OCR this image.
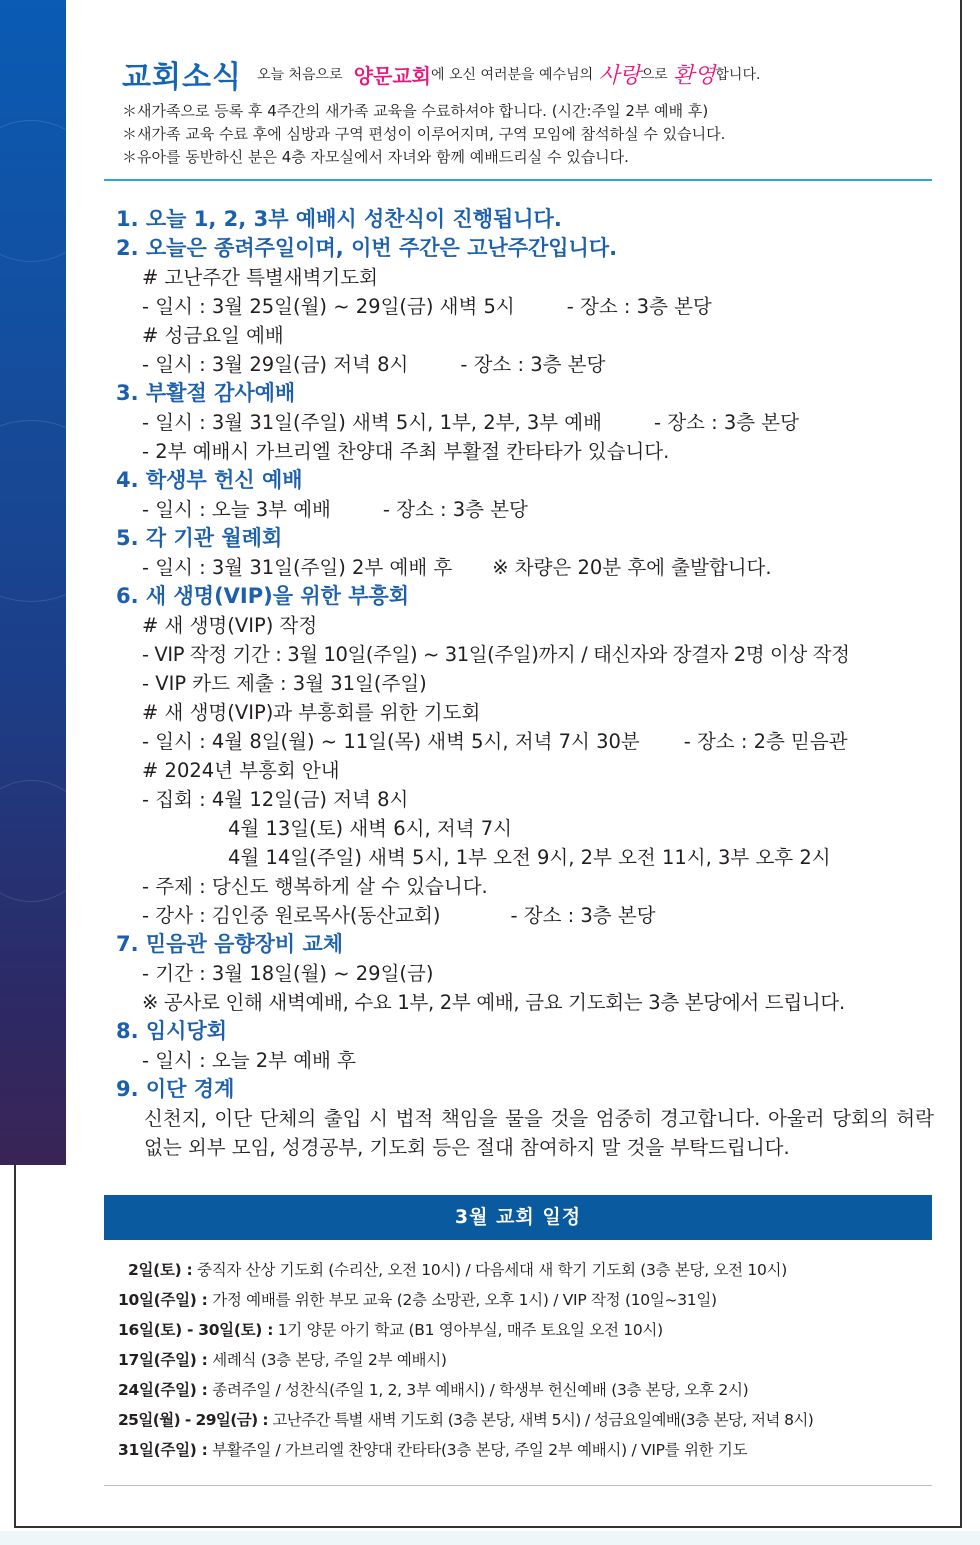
교회소식 오늘 처음으로 양문교회에 오신 여러분을 예수님의 사랑으로 환영합니다.
＊새가족으로 등록 후 4주간의 새가족 교육을 수료하셔야 합니다. (시간:주일 2부 예배 후)
＊새가족 교육 수료 후에 심방과 구역 편성이 이루어지며, 구역 모임에 참석하실 수 있습니다.
＊유아를 동반하신 분은 4층 자모실에서 자녀와 함께 예배드리실 수 있습니다.
1. 오늘 1, 2, 3부 예배시 성찬식이 진행됩니다.
2. 오늘은 종려주일이며, 이번 주간은 고난주간입니다.
# 고난주간 특별새벽기도회
- 일시 : 3월 25일(월) ~ 29일(금) 새벽 5시	- 장소 : 3층 본당
# 성금요일 예배
- 일시 : 3월 29일(금) 저녁 8시	- 장소 : 3층 본당
3. 부활절 감사예배
- 일시 : 3월 31일(주일) 새벽 5시, 1부, 2부, 3부 예배	- 장소 : 3층 본당
- 2부 예배시 가브리엘 찬양대 주최 부활절 칸타타가 있습니다.
4. 학생부 헌신 예배
- 일시 : 오늘 3부 예배	- 장소 : 3층 본당
5. 각 기관 월례회
- 일시 : 3월 31일(주일) 2부 예배 후 ※ 차량은 20분 후에 출발합니다.
6. 새 생명(VIP)을 위한 부흥회
# 새 생명(VIP) 작정
- VIP 작정 기간 : 3월 10일(주일) ~ 31일(주일)까지 / 태신자와 장결자 2명 이상 작정
- VIP 카드 제출 : 3월 31일(주일)
# 새 생명(VIP)과 부흥회를 위한 기도회
- 일시 : 4월 8일(월) ~ 11일(목) 새벽 5시, 저녁 7시 30분 - 장소 : 2층 믿음관
# 2024년 부흥회 안내
- 집회 : 4월 12일(금) 저녁 8시
4월 13일(토) 새벽 6시, 저녁 7시
4월 14일(주일) 새벽 5시, 1부 오전 9시, 2부 오전 11시, 3부 오후 2시
- 주제 : 당신도 행복하게 살 수 있습니다.
- 강사 : 김인중 원로목사(동산교회)	- 장소 : 3층 본당
7. 믿음관 음향장비 교체
- 기간 : 3월 18일(월) ~ 29일(금)
※ 공사로 인해 새벽예배, 수요 1부, 2부 예배, 금요 기도회는 3층 본당에서 드립니다.
8. 임시당회
- 일시 : 오늘 2부 예배 후
9. 이단 경계
신천지, 이단 단체의 출입 시 법적 책임을 물을 것을 엄중히 경고합니다. 아울러 당회의 허락 없는 외부 모임, 성경공부, 기도회 등은 절대 참여하지 말 것을 부탁드립니다.
3월 교회 일정
2일(토) : 중직자 산상 기도회 (수리산, 오전 10시) / 다음세대 새 학기 기도회 (3층 본당, 오전 10시)
10일(주일) : 가정 예배를 위한 부모 교육 (2층 소망관, 오후 1시) / VIP 작정 (10일~31일)
16일(토) - 30일(토) : 1기 양문 아기 학교 (B1 영아부실, 매주 토요일 오전 10시)
17일(주일) : 세례식 (3층 본당, 주일 2부 예배시)
24일(주일) : 종려주일 / 성찬식(주일 1, 2, 3부 예배시) / 학생부 헌신예배 (3층 본당, 오후 2시)
25일(월) - 29일(금) : 고난주간 특별 새벽 기도회 (3층 본당, 새벽 5시) / 성금요일예배(3층 본당, 저녁 8시)
31일(주일) : 부활주일 / 가브리엘 찬양대 칸타타(3층 본당, 주일 2부 예배시) / VIP를 위한 기도
